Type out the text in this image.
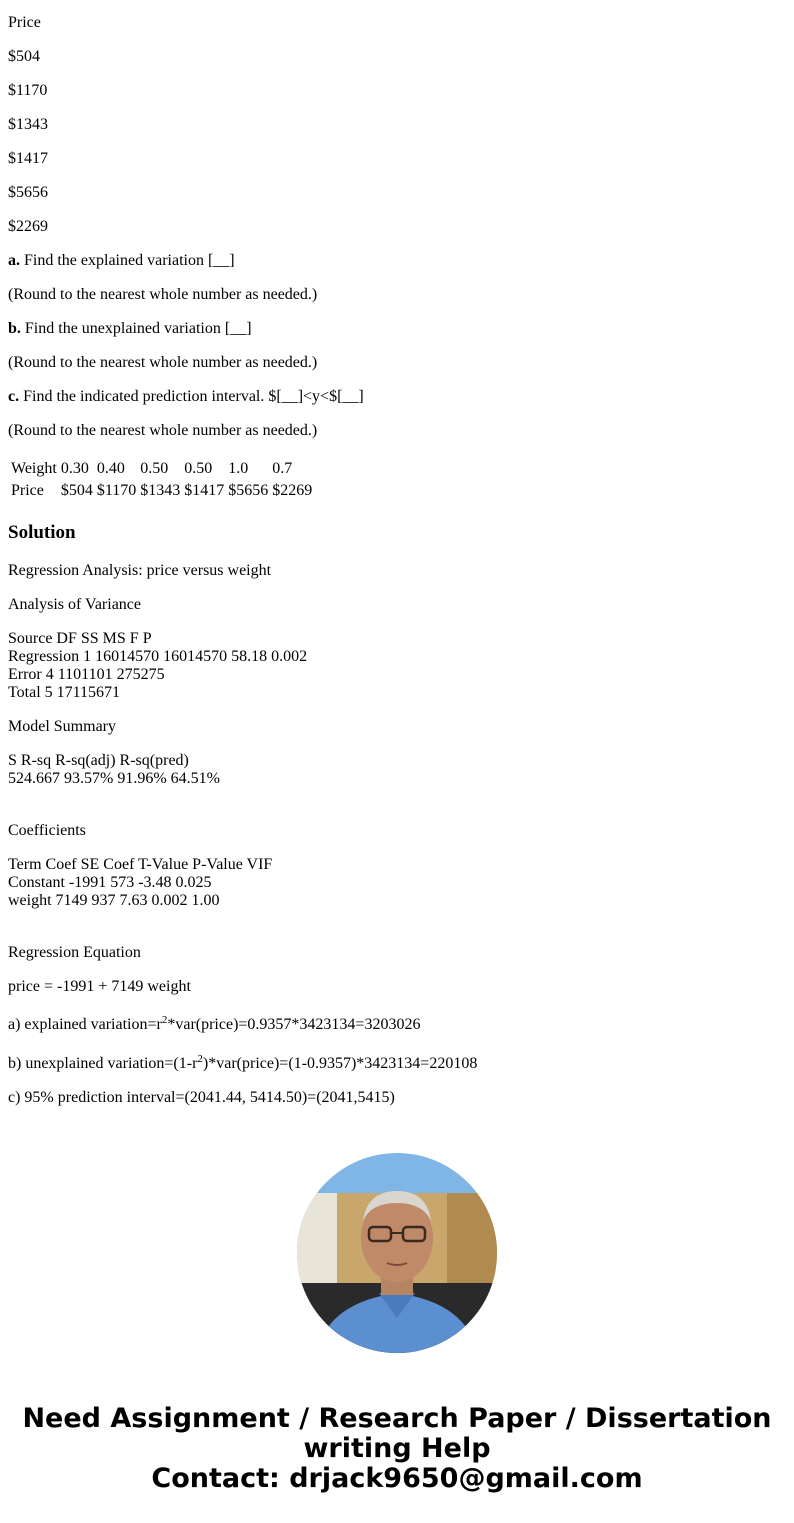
Price

$504

$1170

$1343

$1417

$5656

$2269

a. Find the explained variation [__]

(Round to the nearest whole number as needed.)

b. Find the unexplained variation [__]

(Round to the nearest whole number as needed.)

c. Find the indicated prediction interval. $[__]<y<$[__]

(Round to the nearest whole number as needed.)

Weight	0.30	0.40	0.50	0.50	1.0	0.7
Price	$504	$1170	$1343	$1417	$5656	$2269
Solution

Regression Analysis: price versus weight

Analysis of Variance

Source DF SS MS F P
Regression 1 16014570 16014570 58.18 0.002
Error 4 1101101 275275
Total 5 17115671

Model Summary

S R-sq R-sq(adj) R-sq(pred)
524.667 93.57% 91.96% 64.51%

Coefficients

Term Coef SE Coef T-Value P-Value VIF
Constant -1991 573 -3.48 0.025
weight 7149 937 7.63 0.002 1.00

Regression Equation

price = -1991 + 7149 weight

a) explained $variation=r^2*var(price)=0.9357*3423134=3203026$

b) unexplained $variation=(1-r^2)*var(price)=(1-0.9357)*3423134=220108$

c) 95% prediction interval=(2041.44, 5414.50)=(2041,5415)

Need Assignment / Research Paper / Dissertation
writing Help
Contact: drjack9650@gmail.com
